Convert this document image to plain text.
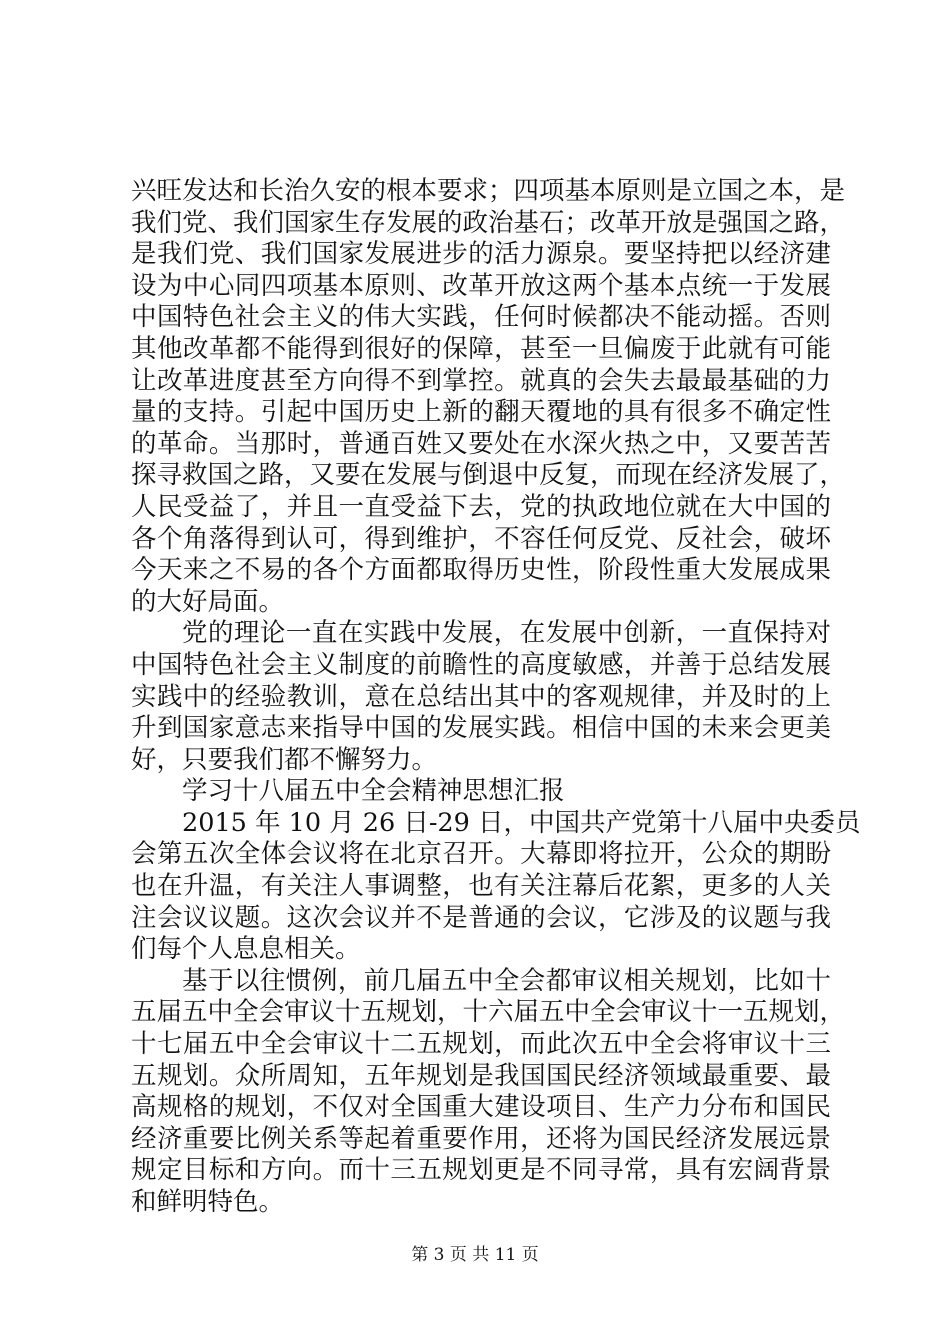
兴旺发达和长治久安的根本要求；四项基本原则是立国之本，是
我们党、我们国家生存发展的政治基石；改革开放是强国之路，
是我们党、我们国家发展进步的活力源泉。要坚持把以经济建
设为中心同四项基本原则、改革开放这两个基本点统一于发展
中国特色社会主义的伟大实践，任何时候都决不能动摇。否则
其他改革都不能得到很好的保障，甚至一旦偏废于此就有可能
让改革进度甚至方向得不到掌控。就真的会失去最最基础的力
量的支持。引起中国历史上新的翻天覆地的具有很多不确定性
的革命。当那时，普通百姓又要处在水深火热之中，又要苦苦
探寻救国之路，又要在发展与倒退中反复，而现在经济发展了，
人民受益了，并且一直受益下去，党的执政地位就在大中国的
各个角落得到认可，得到维护，不容任何反党、反社会，破坏
今天来之不易的各个方面都取得历史性，阶段性重大发展成果
的大好局面。
党的理论一直在实践中发展，在发展中创新，一直保持对
中国特色社会主义制度的前瞻性的高度敏感，并善于总结发展
实践中的经验教训，意在总结出其中的客观规律，并及时的上
升到国家意志来指导中国的发展实践。相信中国的未来会更美
好，只要我们都不懈努力。
学习十八届五中全会精神思想汇报
2015 年 10 月 26 日-29 日，中国共产党第十八届中央委员
会第五次全体会议将在北京召开。大幕即将拉开，公众的期盼
也在升温，有关注人事调整，也有关注幕后花絮，更多的人关
注会议议题。这次会议并不是普通的会议，它涉及的议题与我
们每个人息息相关。
基于以往惯例，前几届五中全会都审议相关规划，比如十
五届五中全会审议十五规划，十六届五中全会审议十一五规划，
十七届五中全会审议十二五规划，而此次五中全会将审议十三
五规划。众所周知，五年规划是我国国民经济领域最重要、最
高规格的规划，不仅对全国重大建设项目、生产力分布和国民
经济重要比例关系等起着重要作用，还将为国民经济发展远景
规定目标和方向。而十三五规划更是不同寻常，具有宏阔背景
和鲜明特色。
第 3 页 共 11 页
